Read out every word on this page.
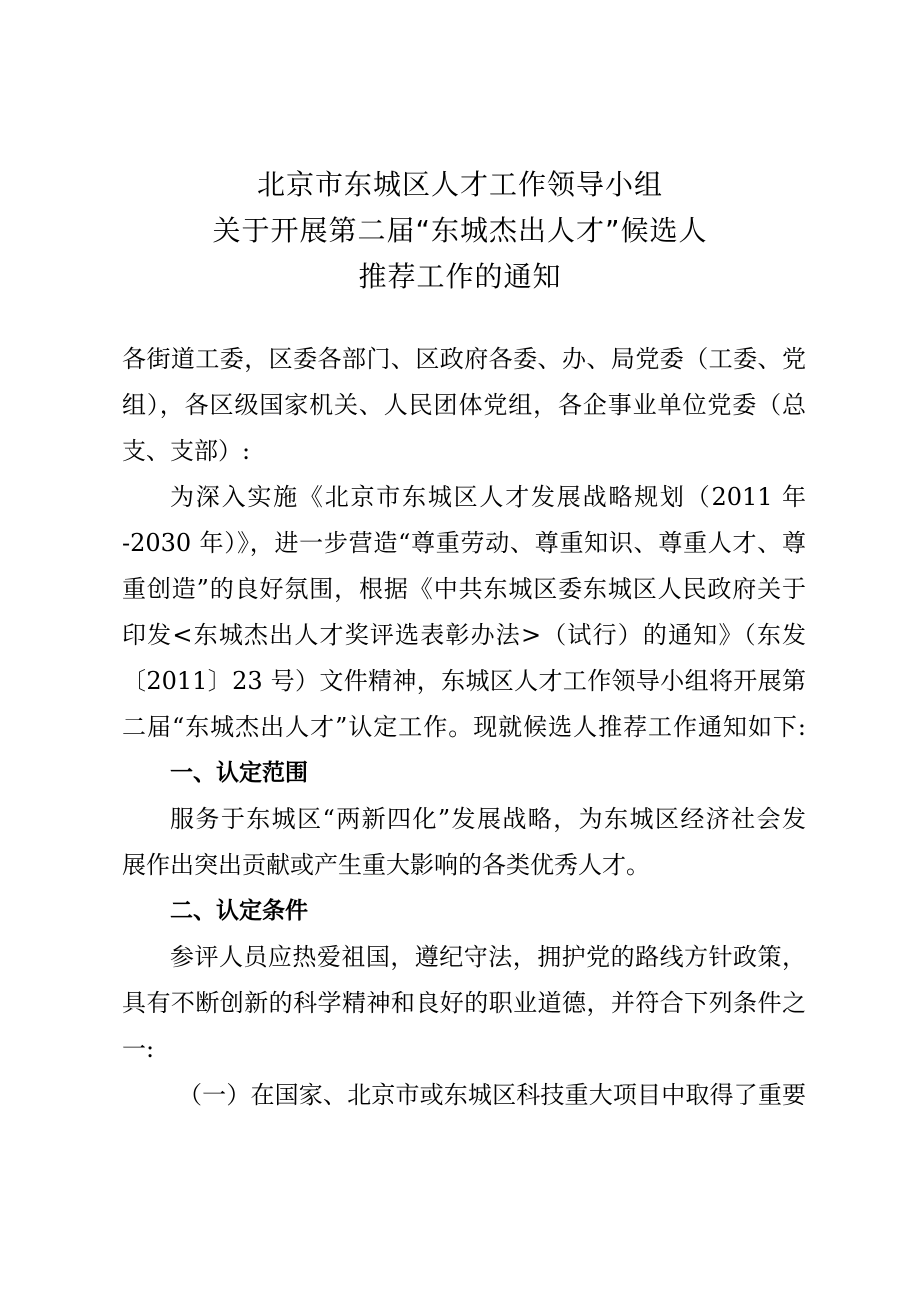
北京市东城区人才工作领导小组
关于开展第二届“东城杰出人才”候选人
推荐工作的通知
各街道工委，区委各部门、区政府各委、办、局党委（工委、党
组），各区级国家机关、人民团体党组，各企事业单位党委（总
支、支部）:
为深入实施《北京市东城区人才发展战略规划（2011 年
-2030 年）》，进一步营造“尊重劳动、尊重知识、尊重人才、尊
重创造”的良好氛围，根据《中共东城区委东城区人民政府关于
印发<东城杰出人才奖评选表彰办法>（试行）的通知》（东发
〔2011〕23 号）文件精神，东城区人才工作领导小组将开展第
二届“东城杰出人才”认定工作。现就候选人推荐工作通知如下:
一、认定范围
服务于东城区“两新四化”发展战略，为东城区经济社会发
展作出突出贡献或产生重大影响的各类优秀人才。
二、认定条件
参评人员应热爱祖国，遵纪守法，拥护党的路线方针政策，
具有不断创新的科学精神和良好的职业道德，并符合下列条件之
一:
（一）在国家、北京市或东城区科技重大项目中取得了重要
